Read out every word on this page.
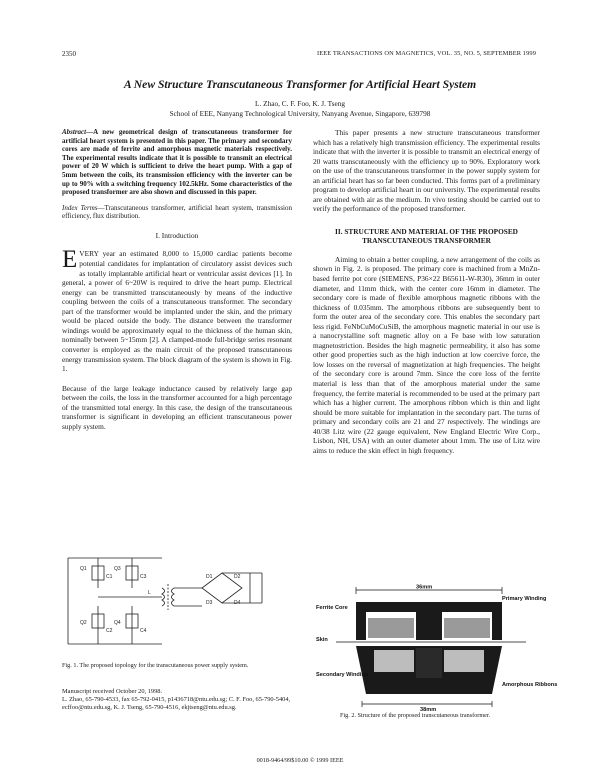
2350	IEEE TRANSACTIONS ON MAGNETICS, VOL. 35, NO. 5, SEPTEMBER 1999
A New Structure Transcutaneous Transformer for Artificial Heart System
L. Zhao, C. F. Foo, K. J. Tseng
School of EEE, Nanyang Technological University, Nanyang Avenue, Singapore, 639798

Abstract—A new geometrical design of transcutaneous transformer for artificial heart system is presented in this paper. The primary and secondary cores are made of ferrite and amorphous magnetic materials respectively. The experimental results indicate that it is possible to transmit an electrical power of 20 W which is sufficient to drive the heart pump. With a gap of 5mm between the coils, its transmission efficiency with the inverter can be up to 90% with a switching frequency 102.5kHz. Some characteristics of the proposed transformer are also shown and discussed in this paper.

Index Terms—Transcutaneous transformer, artificial heart system, transmission efficiency, flux distribution.

I. Introduction

EVERY year an estimated 8,000 to 15,000 cardiac patients become potential candidates for implantation of circulatory assist devices such as totally implantable artificial heart or ventricular assist devices [1]. In general, a power of 6~20W is required to drive the heart pump. Electrical energy can be transmitted transcutaneously by means of the inductive coupling between the coils of a transcutaneous transformer. The secondary part of the transformer would be implanted under the skin, and the primary would be placed outside the body. The distance between the transformer windings would be approximately equal to the thickness of the human skin, nominally between 5~15mm [2]. A clamped-mode full-bridge series resonant converter is employed as the main circuit of the proposed transcutaneous energy transmission system. The block diagram of the system is shown in Fig. 1.

Because of the large leakage inductance caused by relatively large gap between the coils, the loss in the transformer accounted for a high percentage of the transmitted total energy. In this case, the design of the transcutaneous transformer is significant in developing an efficient transcutaneous power supply system.

Q1
Q2
Q3
Q4
C1
C2
C3
C4
L
D1	D2
D3	D4
Fig. 1. The proposed topology for the transcutaneous power supply system.

Manuscript received October 20, 1998.

L. Zhao, 65-790-4533, fax 65-792-0415, p1436718@ntu.edu.sg; C. F. Foo, 65-790-5404, ecffoo@ntu.edu.sg, K. J. Tseng, 65-790-4516, ekjtseng@ntu.edu.sg.

This paper presents a new structure transcutaneous transformer which has a relatively high transmission efficiency. The experimental results indicate that with the inverter it is possible to transmit an electrical energy of 20 watts transcutaneously with the efficiency up to 90%. Exploratory work on the use of the transcutaneous transformer in the power supply system for an artificial heart has so far been conducted. This forms part of a preliminary program to develop artificial heart in our university. The experimental results are obtained with air as the medium. In vivo testing should be carried out to verify the performance of the proposed transformer.

II. STRUCTURE AND MATERIAL OF THE PROPOSED TRANSCUTANEOUS TRANSFORMER

Aiming to obtain a better coupling, a new arrangement of the coils as shown in Fig. 2. is proposed. The primary core is machined from a MnZn-based ferrite pot core (SIEMENS, P36×22 B65611-W-R30), 36mm in outer diameter, and 11mm thick, with the center core 16mm in diameter. The secondary core is made of flexible amorphous magnetic ribbons with the thickness of 0.035mm. The amorphous ribbons are subsequently bent to form the outer area of the secondary core. This enables the secondary part less rigid. FeNbCuMoCuSiB, the amorphous magnetic material in our use is a nanocrystalline soft magnetic alloy on a Fe base with low saturation magnetostriction. Besides the high magnetic permeability, it also has some other good properties such as the high induction at low coercive force, the low losses on the reversal of magnetization at high frequencies. The height of the secondary core is around 7mm. Since the core loss of the ferrite material is less than that of the amorphous material under the same frequency, the ferrite material is recommended to be used at the primary part which has a higher current. The amorphous ribbon which is thin and light should be more suitable for implantation in the secondary part. The turns of primary and secondary coils are 21 and 27 respectively. The windings are 40/38 Litz wire (22 gauge equivalent, New England Electric Wire Corp., Lisbon, NH, USA) with an outer diameter about 1mm. The use of Litz wire aims to reduce the skin effect in high frequency.

36mm
38mm
Ferrite Core
Primary Winding
Skin
Secondary Winding
Amorphous Ribbons
Fig. 2. Structure of the proposed transcutaneous transformer.
0018-9464/99$10.00 © 1999 IEEE
